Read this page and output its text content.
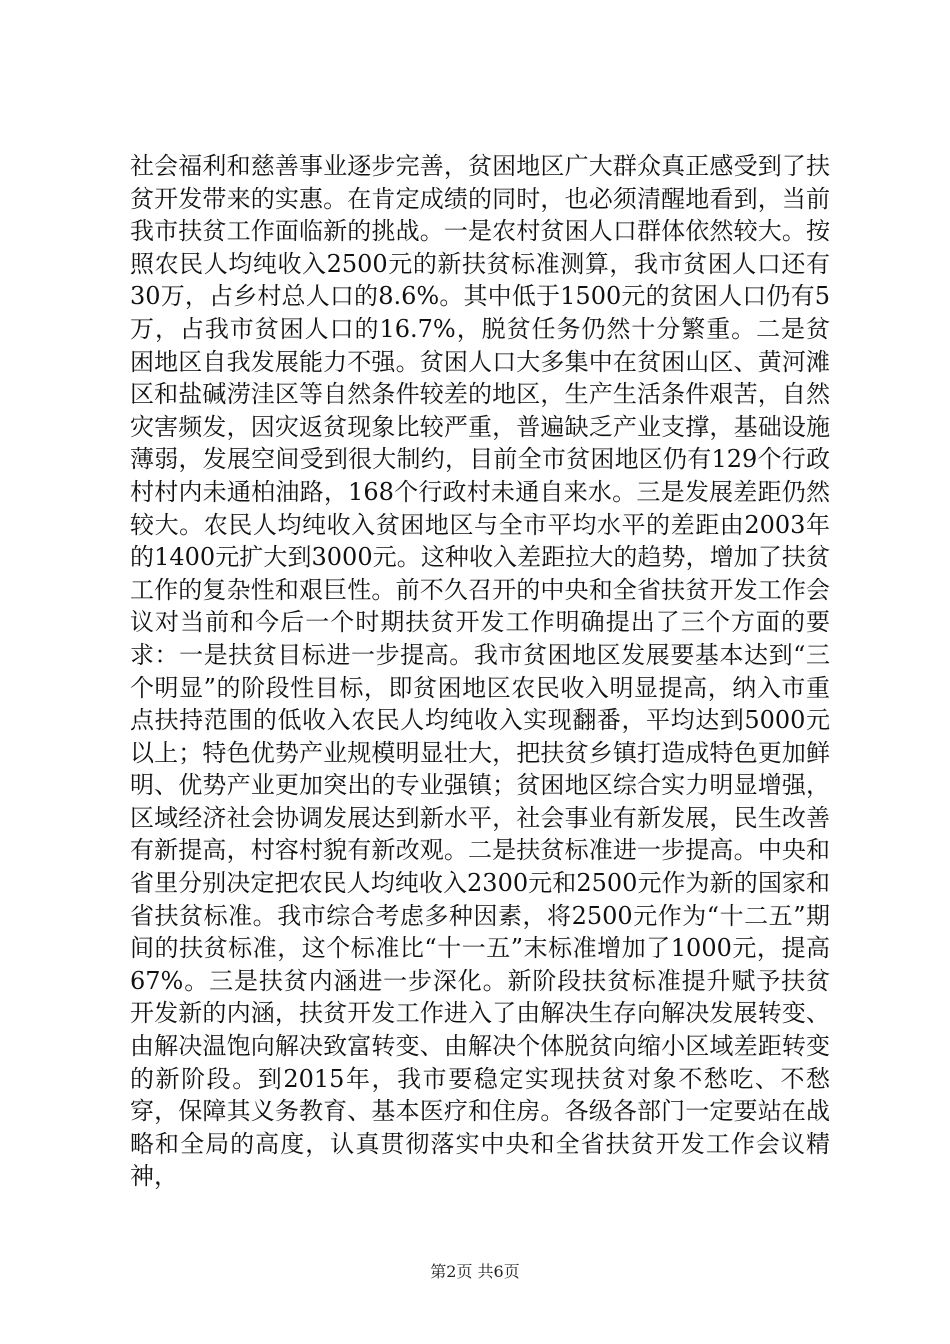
社会福利和慈善事业逐步完善，贫困地区广大群众真正感受到了扶贫开发带来的实惠。在肯定成绩的同时，也必须清醒地看到，当前我市扶贫工作面临新的挑战。一是农村贫困人口群体依然较大。按照农民人均纯收入2500元的新扶贫标准测算，我市贫困人口还有30万，占乡村总人口的8.6%。其中低于1500元的贫困人口仍有5万，占我市贫困人口的16.7%，脱贫任务仍然十分繁重。二是贫困地区自我发展能力不强。贫困人口大多集中在贫困山区、黄河滩区和盐碱涝洼区等自然条件较差的地区，生产生活条件艰苦，自然灾害频发，因灾返贫现象比较严重，普遍缺乏产业支撑，基础设施薄弱，发展空间受到很大制约，目前全市贫困地区仍有129个行政村村内未通柏油路，168个行政村未通自来水。三是发展差距仍然较大。农民人均纯收入贫困地区与全市平均水平的差距由2003年的1400元扩大到3000元。这种收入差距拉大的趋势，增加了扶贫工作的复杂性和艰巨性。前不久召开的中央和全省扶贫开发工作会议对当前和今后一个时期扶贫开发工作明确提出了三个方面的要求：一是扶贫目标进一步提高。我市贫困地区发展要基本达到“三个明显”的阶段性目标，即贫困地区农民收入明显提高，纳入市重点扶持范围的低收入农民人均纯收入实现翻番，平均达到5000元以上；特色优势产业规模明显壮大，把扶贫乡镇打造成特色更加鲜明、优势产业更加突出的专业强镇；贫困地区综合实力明显增强，区域经济社会协调发展达到新水平，社会事业有新发展，民生改善有新提高，村容村貌有新改观。二是扶贫标准进一步提高。中央和省里分别决定把农民人均纯收入2300元和2500元作为新的国家和省扶贫标准。我市综合考虑多种因素，将2500元作为“十二五”期间的扶贫标准，这个标准比“十一五”末标准增加了1000元，提高67%。三是扶贫内涵进一步深化。新阶段扶贫标准提升赋予扶贫开发新的内涵，扶贫开发工作进入了由解决生存向解决发展转变、由解决温饱向解决致富转变、由解决个体脱贫向缩小区域差距转变的新阶段。到2015年，我市要稳定实现扶贫对象不愁吃、不愁穿，保障其义务教育、基本医疗和住房。各级各部门一定要站在战略和全局的高度，认真贯彻落实中央和全省扶贫开发工作会议精神，

第2页 共6页
